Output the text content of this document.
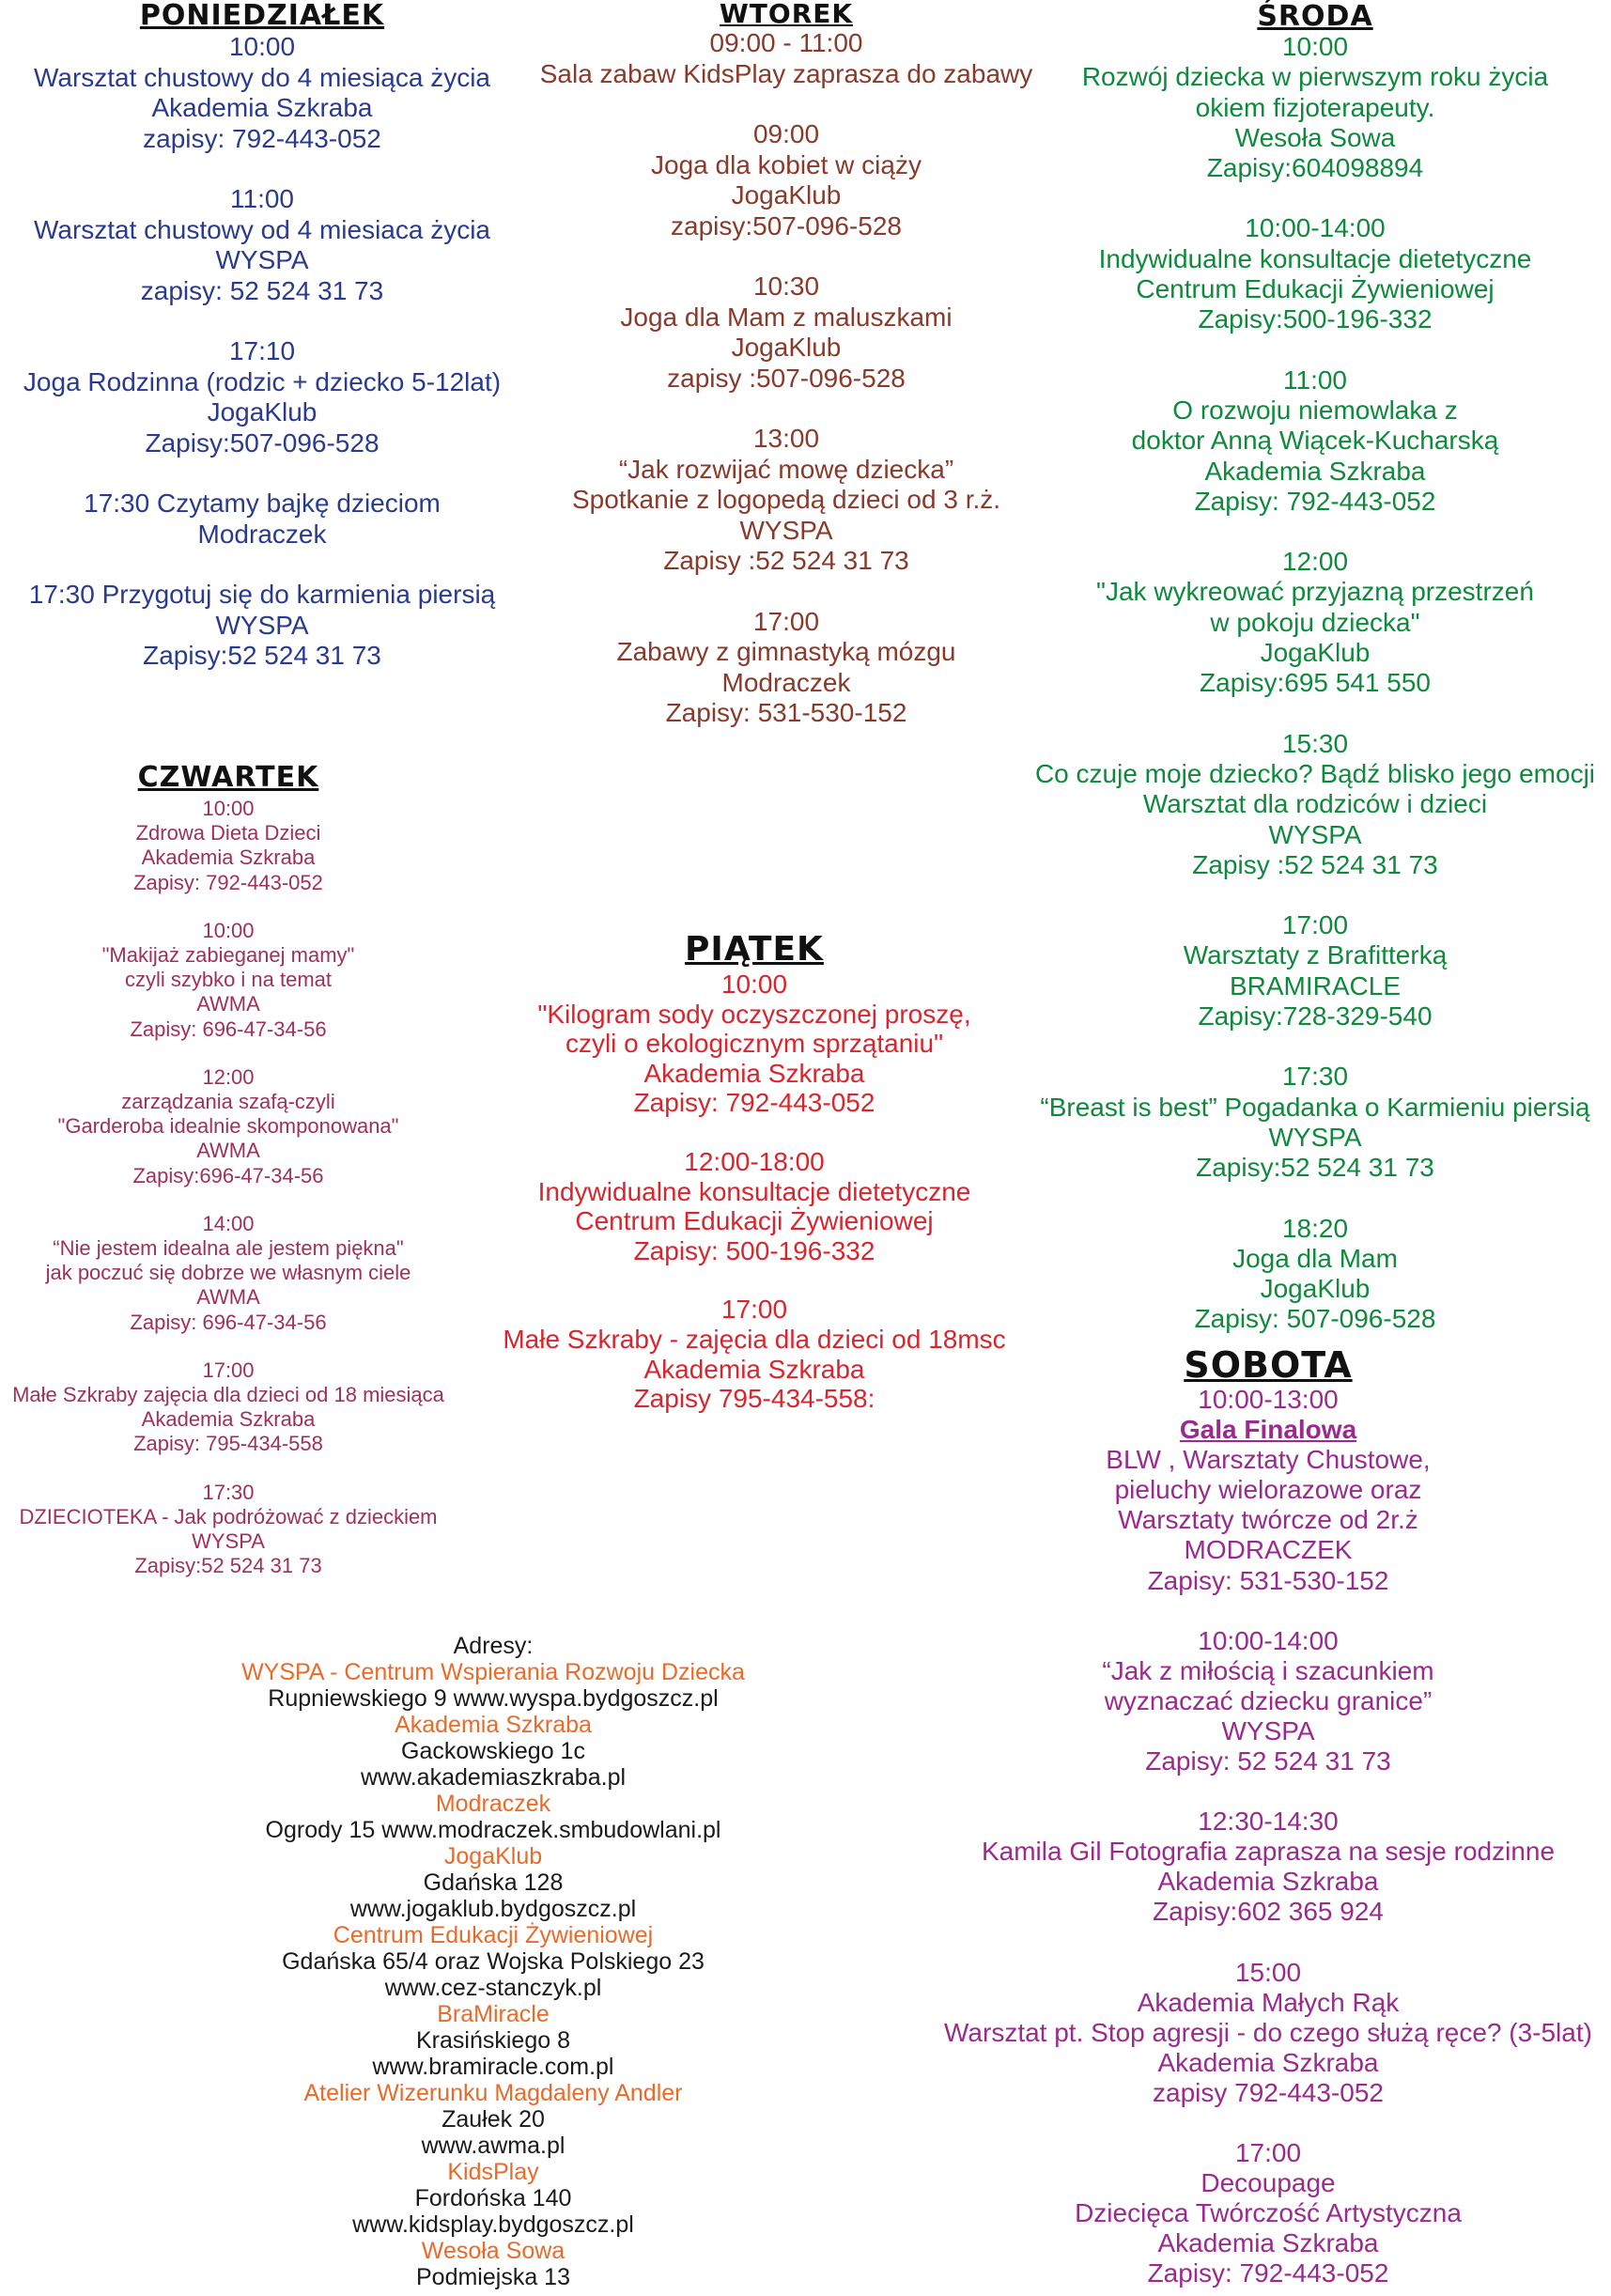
PONIEDZIAŁEK
10:00
Warsztat chustowy do 4 miesiąca życia
Akademia Szkraba
zapisy: 792-443-052
11:00
Warsztat chustowy od 4 miesiaca życia
WYSPA
zapisy: 52 524 31 73
17:10
Joga Rodzinna (rodzic + dziecko 5-12lat)
JogaKlub
Zapisy:507-096-528
17:30 Czytamy bajkę dzieciom
Modraczek
17:30 Przygotuj się do karmienia piersią
WYSPA
Zapisy:52 524 31 73
WTOREK
09:00 - 11:00
Sala zabaw KidsPlay zaprasza do zabawy
09:00
Joga dla kobiet w ciąży
JogaKlub
zapisy:507-096-528
10:30
Joga dla Mam z maluszkami
JogaKlub
zapisy :507-096-528
13:00
“Jak rozwijać mowę dziecka”
Spotkanie z logopedą dzieci od 3 r.ż.
WYSPA
Zapisy :52 524 31 73
17:00
Zabawy z gimnastyką mózgu
Modraczek
Zapisy: 531-530-152
ŚRODA
10:00
Rozwój dziecka w pierwszym roku życia
okiem fizjoterapeuty.
Wesoła Sowa
Zapisy:604098894
10:00-14:00
Indywidualne konsultacje dietetyczne
Centrum Edukacji Żywieniowej
Zapisy:500-196-332
11:00
O rozwoju niemowlaka z
doktor Anną Wiącek-Kucharską
Akademia Szkraba
Zapisy: 792-443-052
12:00
"Jak wykreować przyjazną przestrzeń
w pokoju dziecka"
JogaKlub
Zapisy:695 541 550
15:30
Co czuje moje dziecko? Bądź blisko jego emocji
Warsztat dla rodziców i dzieci
WYSPA
Zapisy :52 524 31 73
17:00
Warsztaty z Brafitterką
BRAMIRACLE
Zapisy:728-329-540
17:30
“Breast is best” Pogadanka o Karmieniu piersią
WYSPA
Zapisy:52 524 31 73
18:20
Joga dla Mam
JogaKlub
Zapisy: 507-096-528
CZWARTEK
10:00
Zdrowa Dieta Dzieci
Akademia Szkraba
Zapisy: 792-443-052
10:00
"Makijaż zabieganej mamy"
czyli szybko i na temat
AWMA
Zapisy: 696-47-34-56
12:00
zarządzania szafą-czyli
"Garderoba idealnie skomponowana"
AWMA
Zapisy:696-47-34-56
14:00
“Nie jestem idealna ale jestem piękna"
jak poczuć się dobrze we własnym ciele
AWMA
Zapisy: 696-47-34-56
17:00
Małe Szkraby zajęcia dla dzieci od 18 miesiąca
Akademia Szkraba
Zapisy: 795-434-558
17:30
DZIECIOTEKA - Jak podróżować z dzieckiem
WYSPA
Zapisy:52 524 31 73
PIĄTEK
10:00
"Kilogram sody oczyszczonej proszę,
czyli o ekologicznym sprzątaniu"
Akademia Szkraba
Zapisy: 792-443-052
12:00-18:00
Indywidualne konsultacje dietetyczne
Centrum Edukacji Żywieniowej
Zapisy: 500-196-332
17:00
Małe Szkraby - zajęcia dla dzieci od 18msc
Akademia Szkraba
Zapisy 795-434-558:
SOBOTA
10:00-13:00
Gala Finalowa
BLW , Warsztaty Chustowe,
pieluchy wielorazowe oraz
Warsztaty twórcze od 2r.ż
MODRACZEK
Zapisy: 531-530-152
10:00-14:00
“Jak z miłością i szacunkiem
wyznaczać dziecku granice”
WYSPA
Zapisy: 52 524 31 73
12:30-14:30
Kamila Gil Fotografia zaprasza na sesje rodzinne
Akademia Szkraba
Zapisy:602 365 924
15:00
Akademia Małych Rąk
Warsztat pt. Stop agresji - do czego służą ręce? (3-5lat)
Akademia Szkraba
zapisy 792-443-052
17:00
Decoupage
Dziecięca Twórczość Artystyczna
Akademia Szkraba
Zapisy: 792-443-052
Adresy:
WYSPA - Centrum Wspierania Rozwoju Dziecka
Rupniewskiego 9 www.wyspa.bydgoszcz.pl
Akademia Szkraba
Gackowskiego 1c
www.akademiaszkraba.pl
Modraczek
Ogrody 15 www.modraczek.smbudowlani.pl
JogaKlub
Gdańska 128
www.jogaklub.bydgoszcz.pl
Centrum Edukacji Żywieniowej
Gdańska 65/4 oraz Wojska Polskiego 23
www.cez-stanczyk.pl
BraMiracle
Krasińskiego 8
www.bramiracle.com.pl
Atelier Wizerunku Magdaleny Andler
Zaułek 20
www.awma.pl
KidsPlay
Fordońska 140
www.kidsplay.bydgoszcz.pl
Wesoła Sowa
Podmiejska 13
